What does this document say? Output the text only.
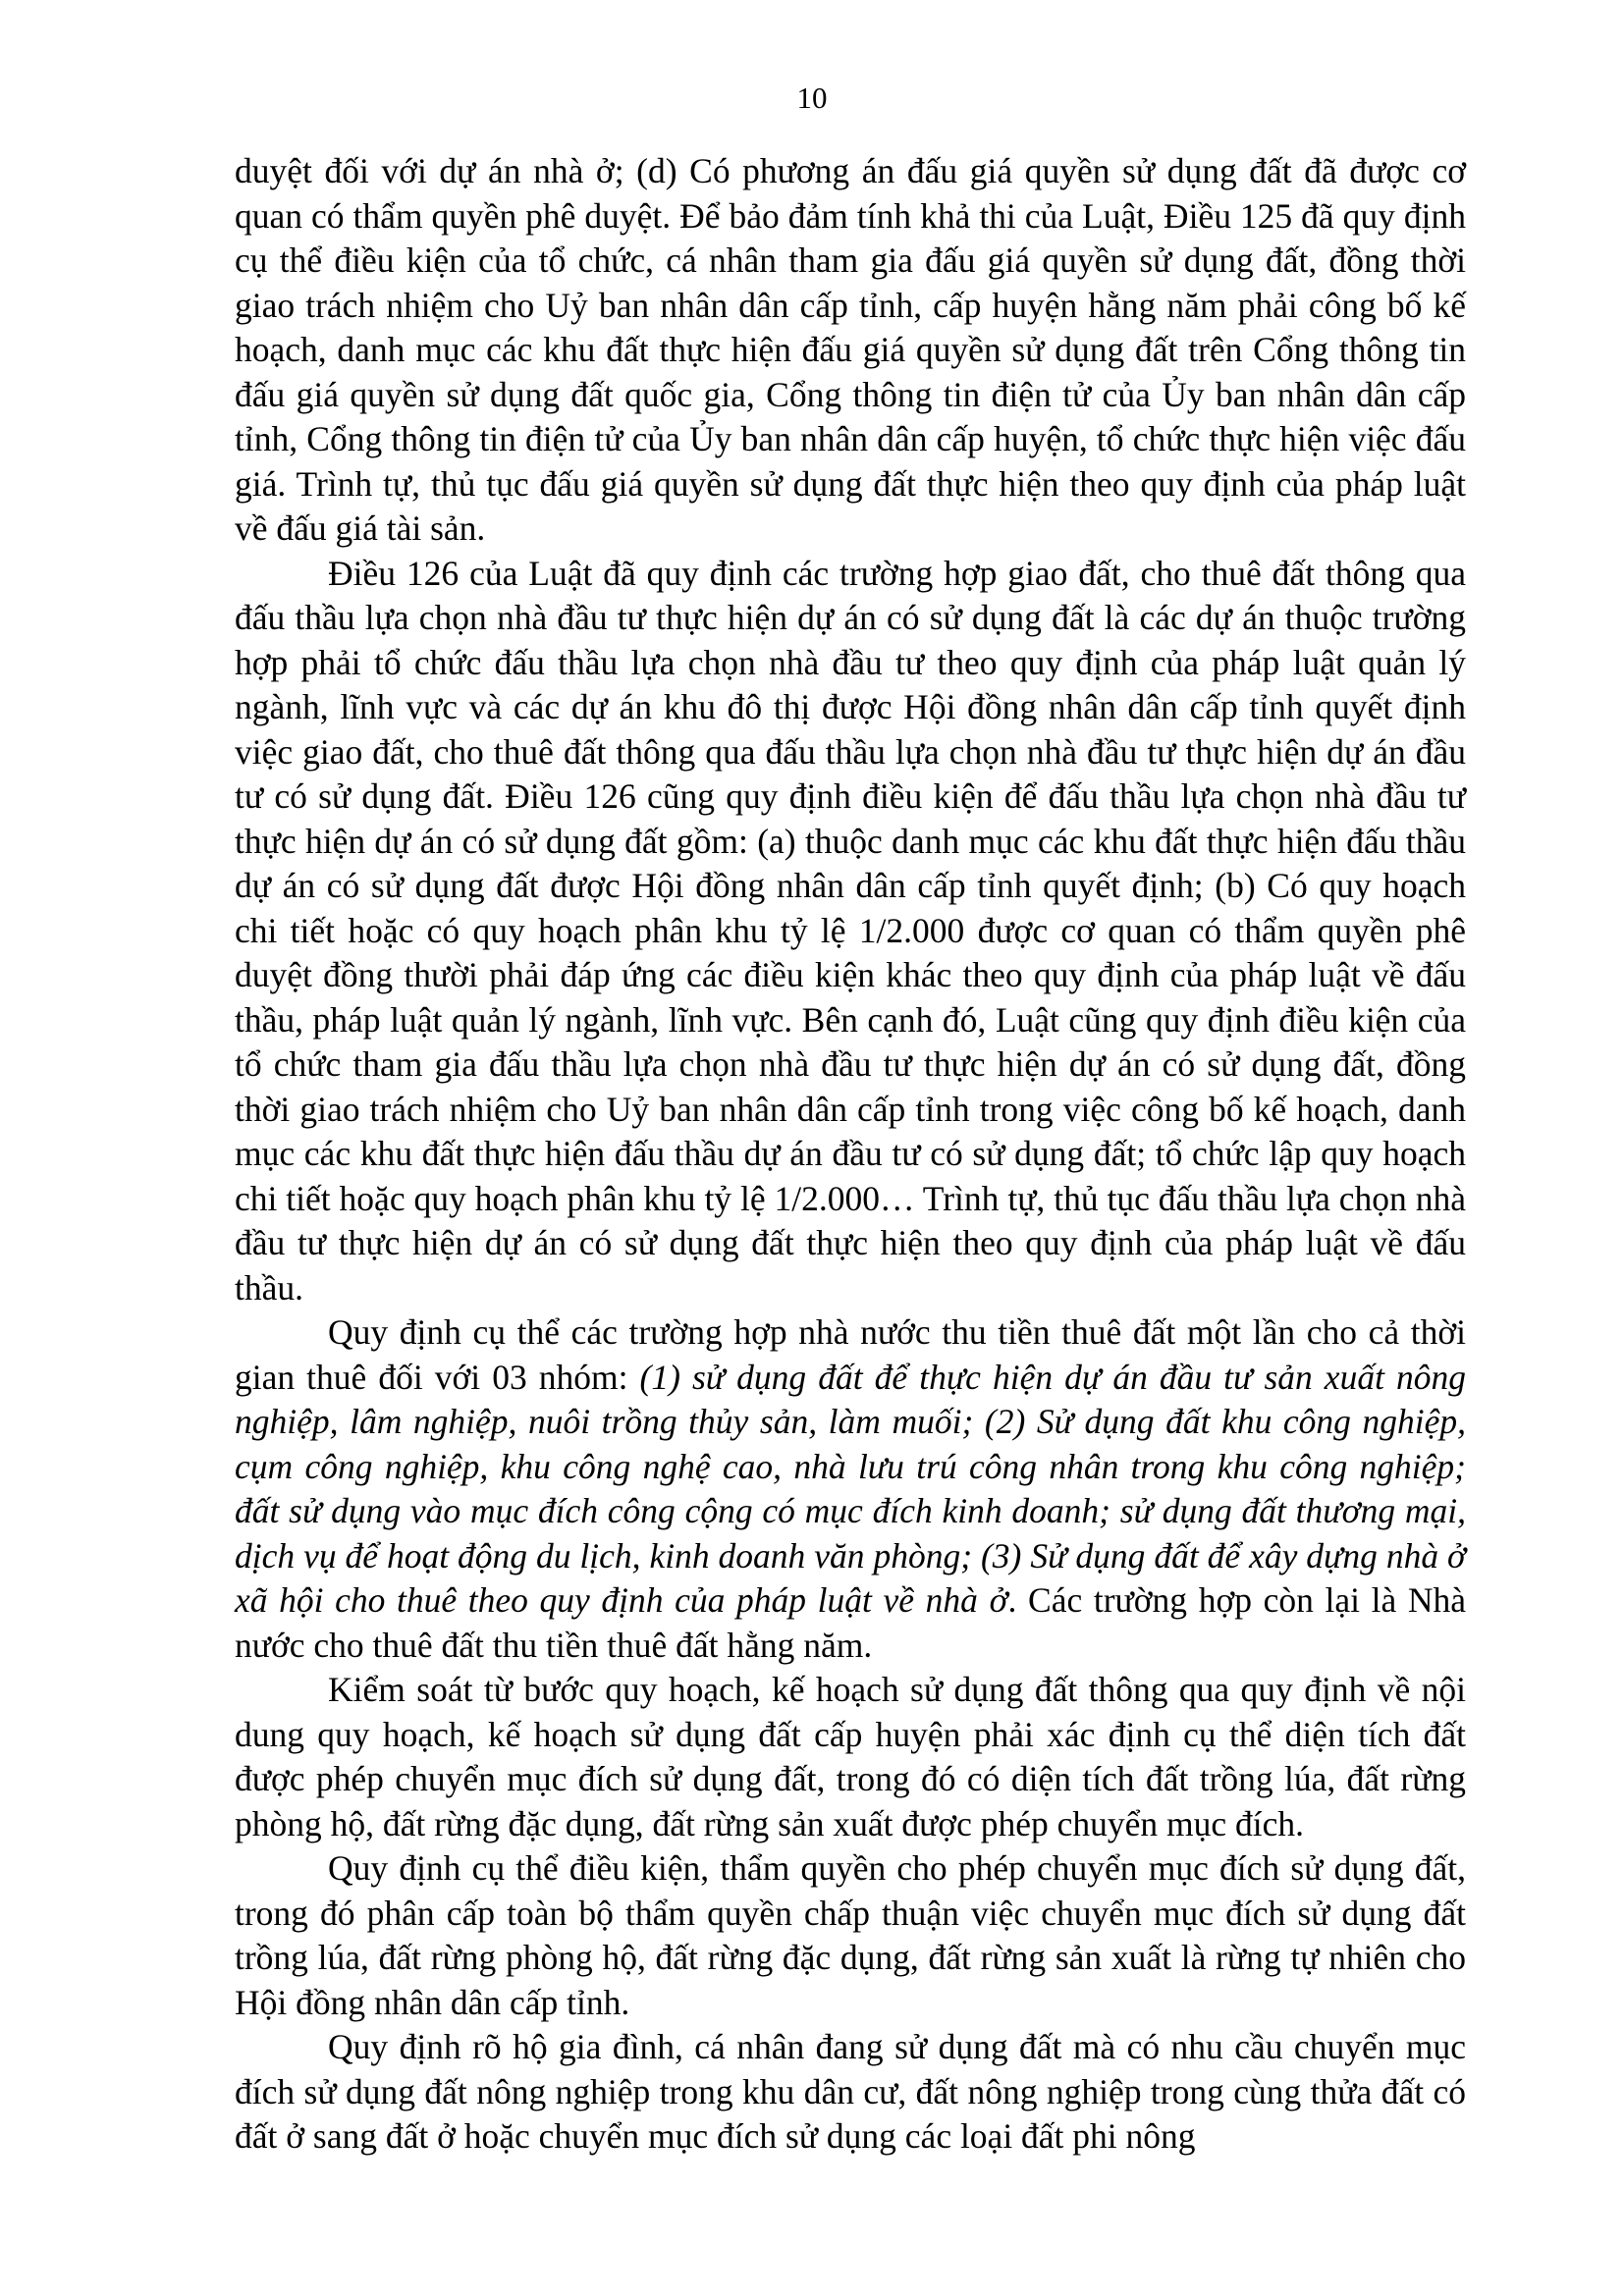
10

duyệt đối với dự án nhà ở; (d) Có phương án đấu giá quyền sử dụng đất đã được cơ quan có thẩm quyền phê duyệt. Để bảo đảm tính khả thi của Luật, Điều 125 đã quy định cụ thể điều kiện của tổ chức, cá nhân tham gia đấu giá quyền sử dụng đất, đồng thời giao trách nhiệm cho Uỷ ban nhân dân cấp tỉnh, cấp huyện hằng năm phải công bố kế hoạch, danh mục các khu đất thực hiện đấu giá quyền sử dụng đất trên Cổng thông tin đấu giá quyền sử dụng đất quốc gia, Cổng thông tin điện tử của Ủy ban nhân dân cấp tỉnh, Cổng thông tin điện tử của Ủy ban nhân dân cấp huyện, tổ chức thực hiện việc đấu giá. Trình tự, thủ tục đấu giá quyền sử dụng đất thực hiện theo quy định của pháp luật về đấu giá tài sản.

Điều 126 của Luật đã quy định các trường hợp giao đất, cho thuê đất thông qua đấu thầu lựa chọn nhà đầu tư thực hiện dự án có sử dụng đất là các dự án thuộc trường hợp phải tổ chức đấu thầu lựa chọn nhà đầu tư theo quy định của pháp luật quản lý ngành, lĩnh vực và các dự án khu đô thị được Hội đồng nhân dân cấp tỉnh quyết định việc giao đất, cho thuê đất thông qua đấu thầu lựa chọn nhà đầu tư thực hiện dự án đầu tư có sử dụng đất. Điều 126 cũng quy định điều kiện để đấu thầu lựa chọn nhà đầu tư thực hiện dự án có sử dụng đất gồm: (a) thuộc danh mục các khu đất thực hiện đấu thầu dự án có sử dụng đất được Hội đồng nhân dân cấp tỉnh quyết định; (b) Có quy hoạch chi tiết hoặc có quy hoạch phân khu tỷ lệ 1/2.000 được cơ quan có thẩm quyền phê duyệt đồng thười phải đáp ứng các điều kiện khác theo quy định của pháp luật về đấu thầu, pháp luật quản lý ngành, lĩnh vực. Bên cạnh đó, Luật cũng quy định điều kiện của tổ chức tham gia đấu thầu lựa chọn nhà đầu tư thực hiện dự án có sử dụng đất, đồng thời giao trách nhiệm cho Uỷ ban nhân dân cấp tỉnh trong việc công bố kế hoạch, danh mục các khu đất thực hiện đấu thầu dự án đầu tư có sử dụng đất; tổ chức lập quy hoạch chi tiết hoặc quy hoạch phân khu tỷ lệ 1/2.000… Trình tự, thủ tục đấu thầu lựa chọn nhà đầu tư thực hiện dự án có sử dụng đất thực hiện theo quy định của pháp luật về đấu thầu.

Quy định cụ thể các trường hợp nhà nước thu tiền thuê đất một lần cho cả thời gian thuê đối với 03 nhóm: (1) sử dụng đất để thực hiện dự án đầu tư sản xuất nông nghiệp, lâm nghiệp, nuôi trồng thủy sản, làm muối; (2) Sử dụng đất khu công nghiệp, cụm công nghiệp, khu công nghệ cao, nhà lưu trú công nhân trong khu công nghiệp; đất sử dụng vào mục đích công cộng có mục đích kinh doanh; sử dụng đất thương mại, dịch vụ để hoạt động du lịch, kinh doanh văn phòng; (3) Sử dụng đất để xây dựng nhà ở xã hội cho thuê theo quy định của pháp luật về nhà ở. Các trường hợp còn lại là Nhà nước cho thuê đất thu tiền thuê đất hằng năm.

Kiểm soát từ bước quy hoạch, kế hoạch sử dụng đất thông qua quy định về nội dung quy hoạch, kế hoạch sử dụng đất cấp huyện phải xác định cụ thể diện tích đất được phép chuyển mục đích sử dụng đất, trong đó có diện tích đất trồng lúa, đất rừng phòng hộ, đất rừng đặc dụng, đất rừng sản xuất được phép chuyển mục đích.

Quy định cụ thể điều kiện, thẩm quyền cho phép chuyển mục đích sử dụng đất, trong đó phân cấp toàn bộ thẩm quyền chấp thuận việc chuyển mục đích sử dụng đất trồng lúa, đất rừng phòng hộ, đất rừng đặc dụng, đất rừng sản xuất là rừng tự nhiên cho Hội đồng nhân dân cấp tỉnh.

Quy định rõ hộ gia đình, cá nhân đang sử dụng đất mà có nhu cầu chuyển mục đích sử dụng đất nông nghiệp trong khu dân cư, đất nông nghiệp trong cùng thửa đất có đất ở sang đất ở hoặc chuyển mục đích sử dụng các loại đất phi nông
